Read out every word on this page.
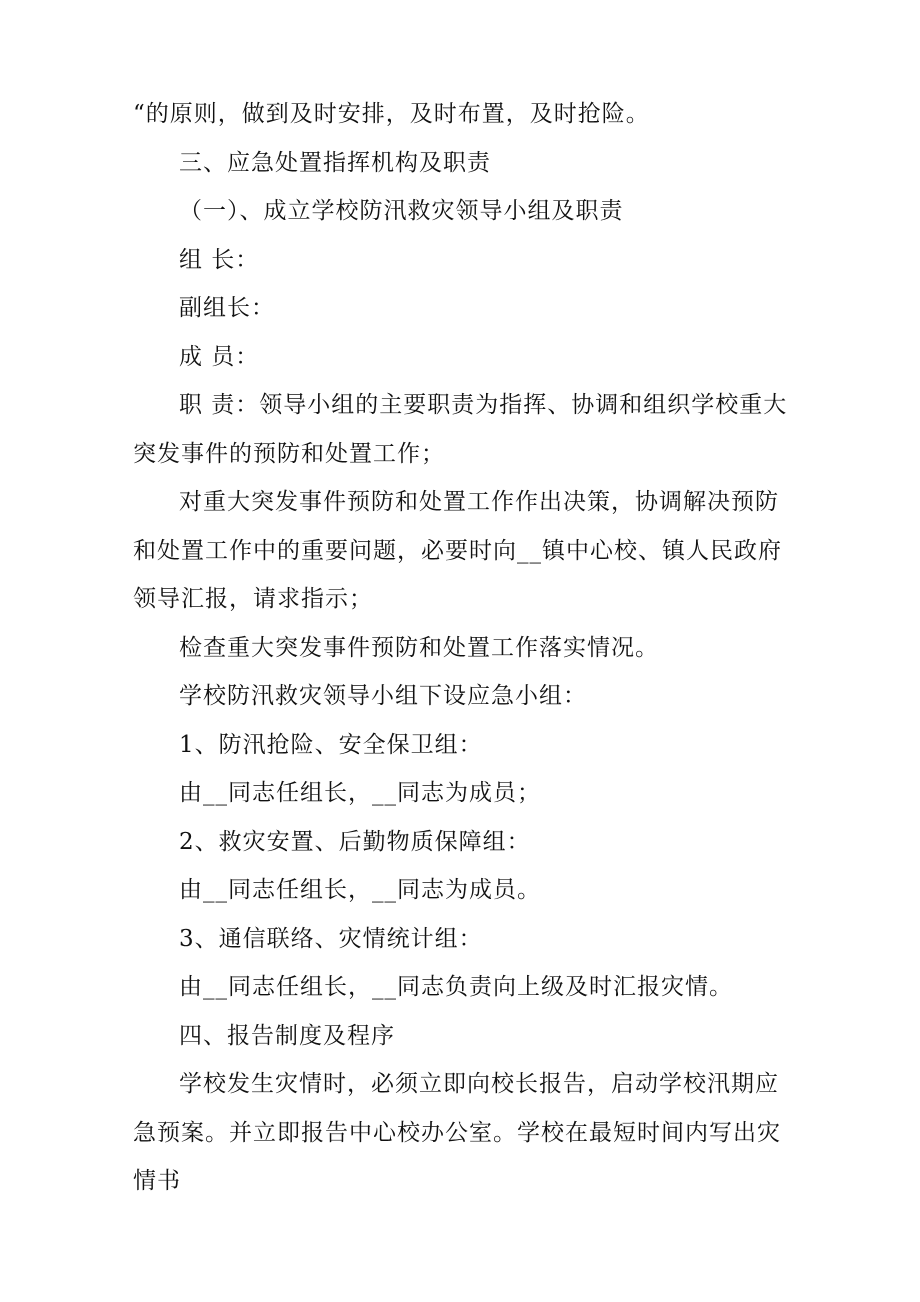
“的原则，做到及时安排，及时布置，及时抢险。

三、应急处置指挥机构及职责

（一）、成立学校防汛救灾领导小组及职责

组 长：

副组长：

成 员：

职 责：领导小组的主要职责为指挥、协调和组织学校重大突发事件的预防和处置工作；

对重大突发事件预防和处置工作作出决策，协调解决预防和处置工作中的重要问题，必要时向__镇中心校、镇人民政府领导汇报，请求指示；

检查重大突发事件预防和处置工作落实情况。

学校防汛救灾领导小组下设应急小组：

1、防汛抢险、安全保卫组：

由__同志任组长，__同志为成员；

2、救灾安置、后勤物质保障组：

由__同志任组长，__同志为成员。

3、通信联络、灾情统计组：

由__同志任组长，__同志负责向上级及时汇报灾情。

四、报告制度及程序

学校发生灾情时，必须立即向校长报告，启动学校汛期应急预案。并立即报告中心校办公室。学校在最短时间内写出灾情书
